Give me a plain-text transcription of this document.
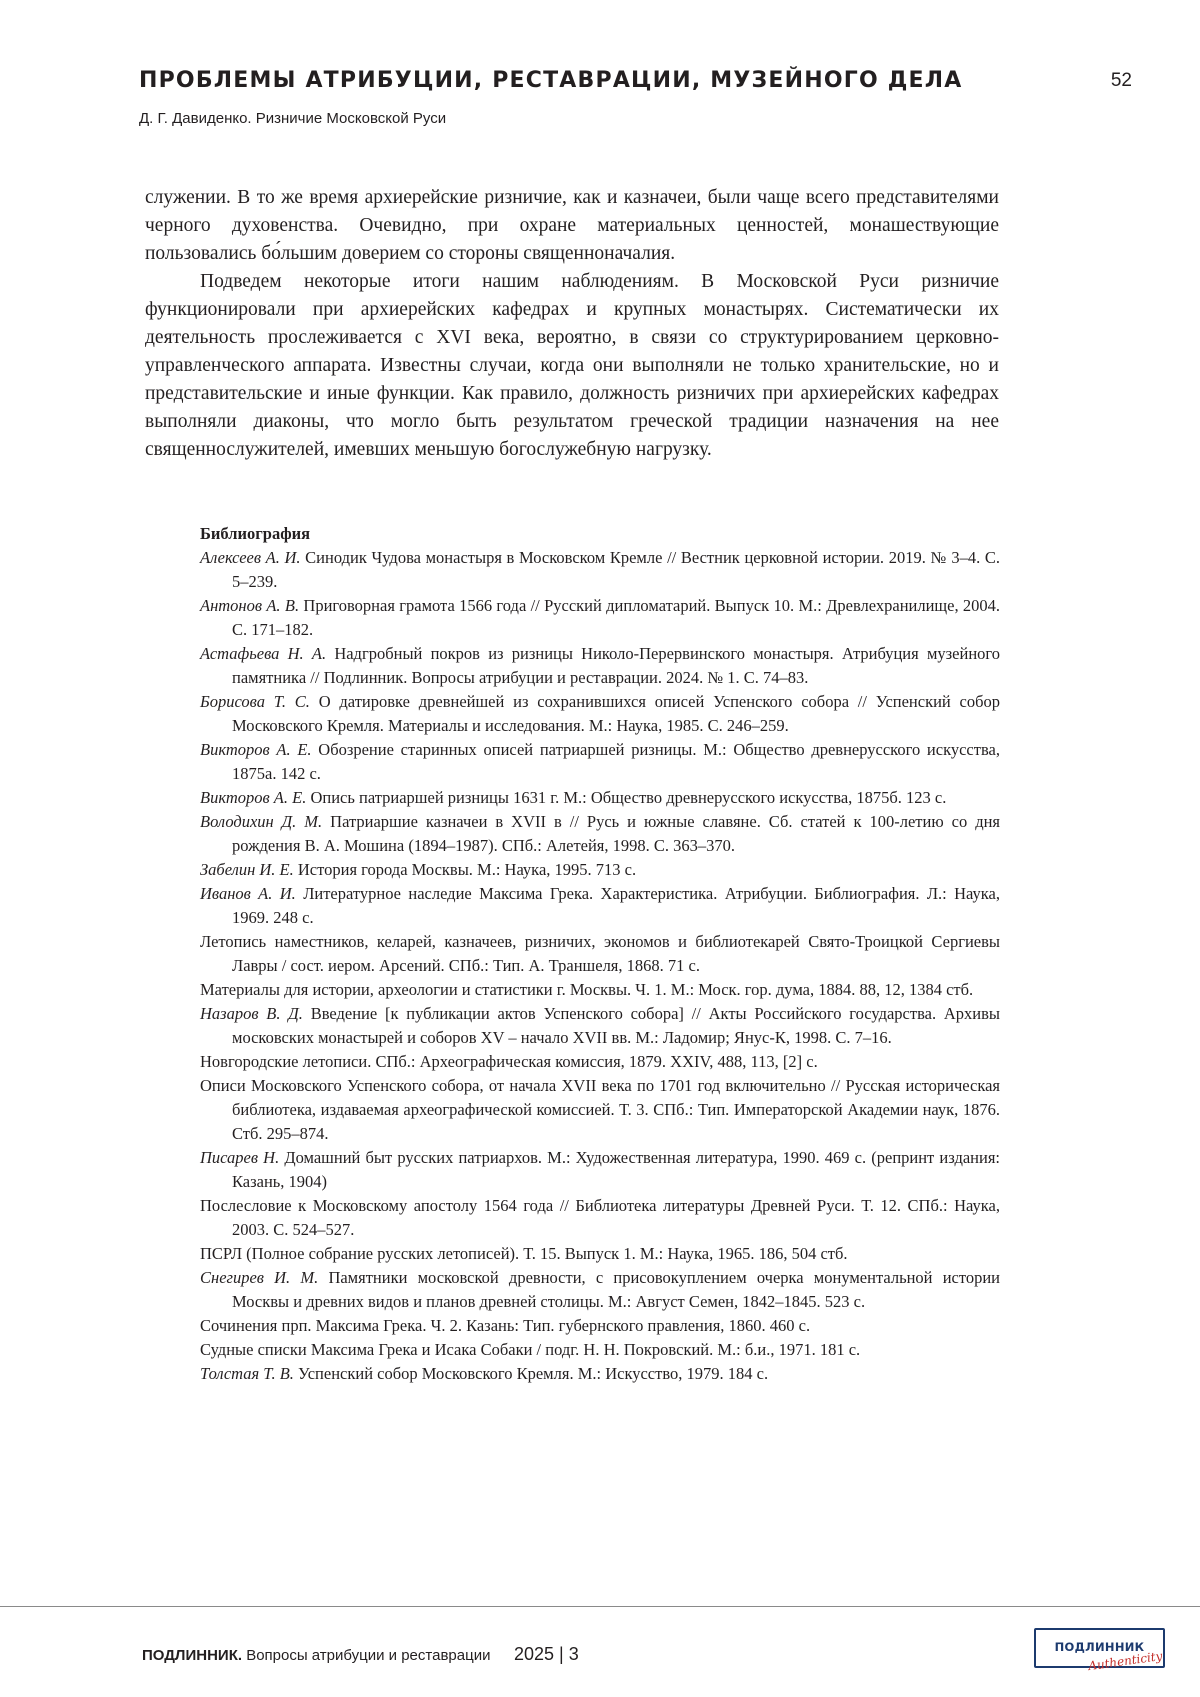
ПРОБЛЕМЫ АТРИБУЦИИ, РЕСТАВРАЦИИ, МУЗЕЙНОГО ДЕЛА
Д. Г. Давиденко. Ризничие Московской Руси
52

служении. В то же время архиерейские ризничие, как и казначеи, были чаще всего представителями черного духовенства. Очевидно, при охране материальных ценностей, монашествующие пользовались бо́льшим доверием со стороны священноначалия.

Подведем некоторые итоги нашим наблюдениям. В Московской Руси ризничие функционировали при архиерейских кафедрах и крупных монастырях. Систематически их деятельность прослеживается с XVI века, вероятно, в связи со структурированием церковно-управленческого аппарата. Известны случаи, когда они выполняли не только хранительские, но и представительские и иные функции. Как правило, должность ризничих при архиерейских кафедрах выполняли диаконы, что могло быть результатом греческой традиции назначения на нее священнослужителей, имевших меньшую богослужебную нагрузку.

Библиография

Алексеев А. И. Синодик Чудова монастыря в Московском Кремле // Вестник церковной истории. 2019. № 3–4. С. 5–239.
Антонов А. В. Приговорная грамота 1566 года // Русский дипломатарий. Выпуск 10. М.: Древлехранилище, 2004. С. 171–182.
Астафьева Н. А. Надгробный покров из ризницы Николо-Перервинского монастыря. Атрибуция музейного памятника // Подлинник. Вопросы атрибуции и реставрации. 2024. № 1. С. 74–83.
Борисова Т. С. О датировке древнейшей из сохранившихся описей Успенского собора // Успенский собор Московского Кремля. Материалы и исследования. М.: Наука, 1985. С. 246–259.
Викторов А. Е. Обозрение старинных описей патриаршей ризницы. М.: Общество древнерусского искусства, 1875а. 142 с.
Викторов А. Е. Опись патриаршей ризницы 1631 г. М.: Общество древнерусского искусства, 1875б. 123 с.
Володихин Д. М. Патриаршие казначеи в XVII в // Русь и южные славяне. Сб. статей к 100-летию со дня рождения В. А. Мошина (1894–1987). СПб.: Алетейя, 1998. С. 363–370.
Забелин И. Е. История города Москвы. М.: Наука, 1995. 713 с.
Иванов А. И. Литературное наследие Максима Грека. Характеристика. Атрибуции. Библиография. Л.: Наука, 1969. 248 с.
Летопись наместников, келарей, казначеев, ризничих, экономов и библиотекарей Свято-Троицкой Сергиевы Лавры / сост. иером. Арсений. СПб.: Тип. А. Траншеля, 1868. 71 с.
Материалы для истории, археологии и статистики г. Москвы. Ч. 1. М.: Моск. гор. дума, 1884. 88, 12, 1384 стб.
Назаров В. Д. Введение [к публикации актов Успенского собора] // Акты Российского государства. Архивы московских монастырей и соборов XV – начало XVII вв. М.: Ладомир; Янус-К, 1998. С. 7–16.
Новгородские летописи. СПб.: Археографическая комиссия, 1879. XXIV, 488, 113, [2] с.
Описи Московского Успенского собора, от начала XVII века по 1701 год включительно // Русская историческая библиотека, издаваемая археографической комиссией. Т. 3. СПб.: Тип. Императорской Академии наук, 1876. Стб. 295–874.
Писарев Н. Домашний быт русских патриархов. М.: Художественная литература, 1990. 469 с. (репринт издания: Казань, 1904)
Послесловие к Московскому апостолу 1564 года // Библиотека литературы Древней Руси. Т. 12. СПб.: Наука, 2003. С. 524–527.
ПСРЛ (Полное собрание русских летописей). Т. 15. Выпуск 1. М.: Наука, 1965. 186, 504 стб.
Снегирев И. М. Памятники московской древности, с присовокуплением очерка монументальной истории Москвы и древних видов и планов древней столицы. М.: Август Семен, 1842–1845. 523 с.
Сочинения прп. Максима Грека. Ч. 2. Казань: Тип. губернского правления, 1860. 460 с.
Судные списки Максима Грека и Исака Собаки / подг. Н. Н. Покровский. М.: б.и., 1971. 181 с.
Толстая Т. В. Успенский собор Московского Кремля. М.: Искусство, 1979. 184 с.
ПОДЛИННИК. Вопросы атрибуции и реставрации 2025 | 3	ПОДЛИННИК
Authenticity
